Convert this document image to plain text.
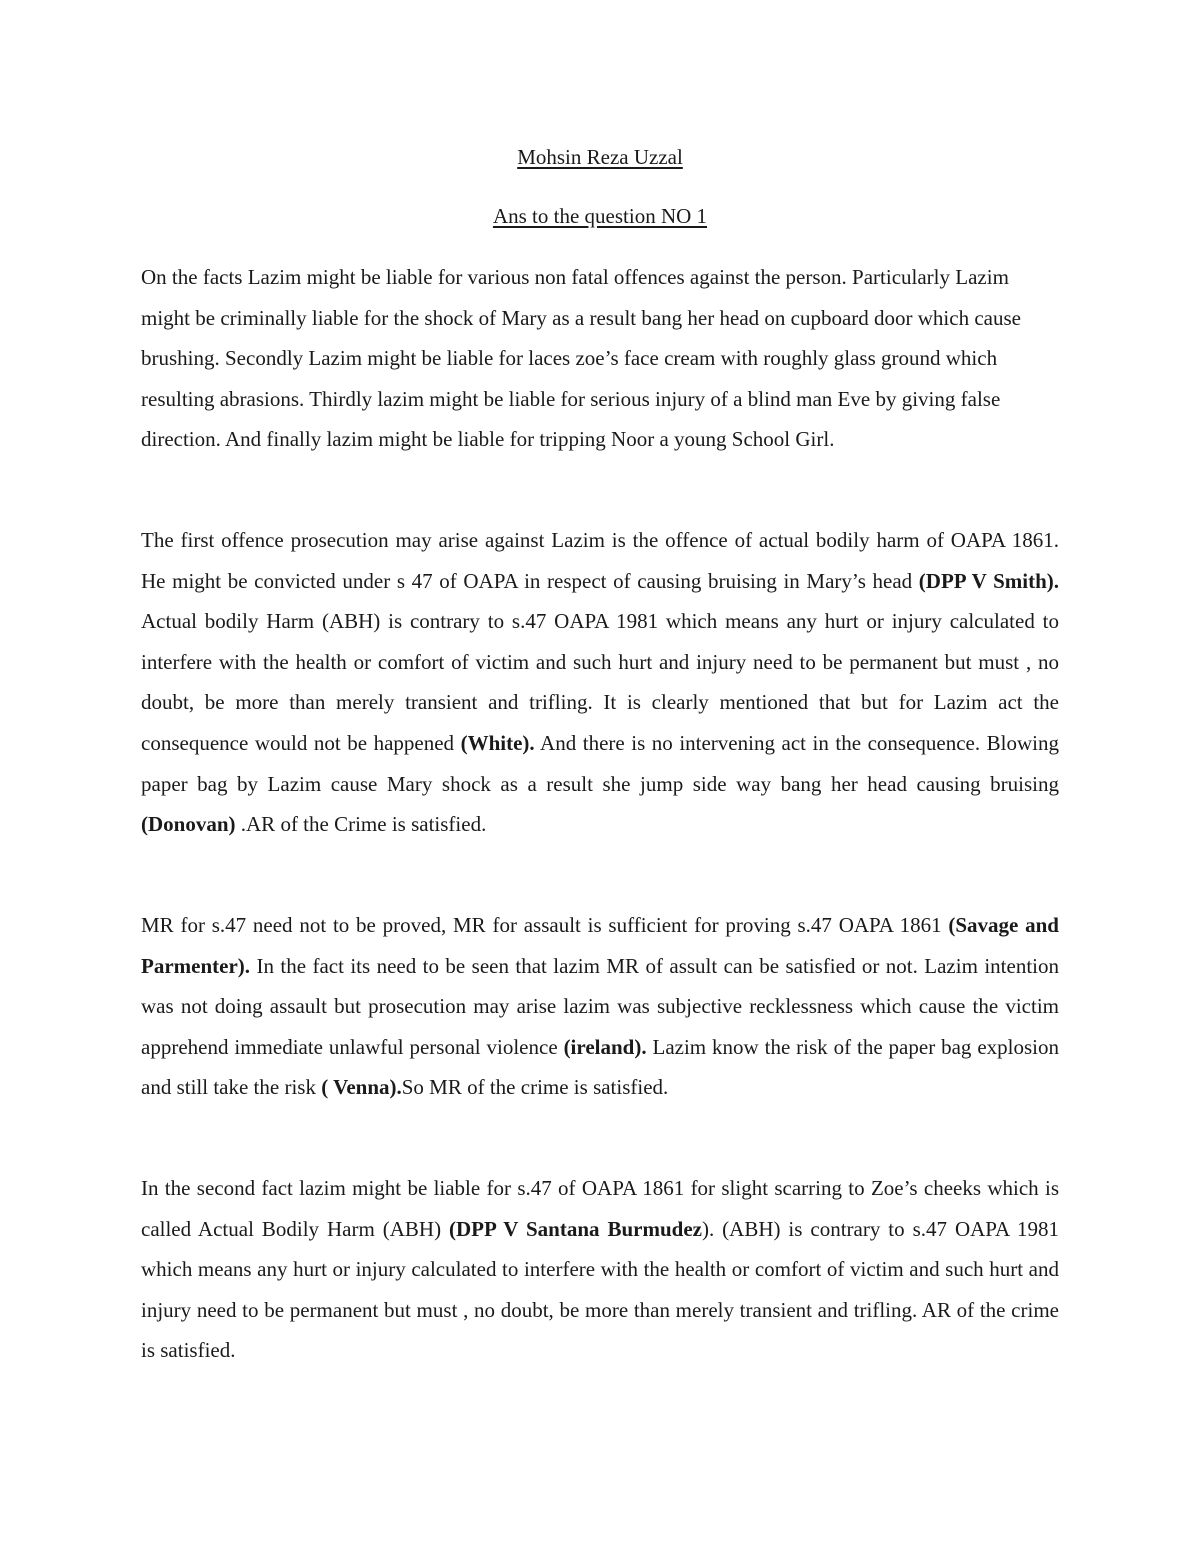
Mohsin Reza Uzzal
Ans to the question NO 1

On the facts Lazim might be liable for various non fatal offences against the person. Particularly Lazim might be criminally liable for the shock of Mary as a result bang her head on cupboard door which cause brushing. Secondly Lazim might be liable for laces zoe’s face cream with roughly glass ground which resulting abrasions. Thirdly lazim might be liable for serious injury of a blind man Eve by giving false direction. And finally lazim might be liable for tripping Noor a young School Girl.

The first offence prosecution may arise against Lazim is the offence of actual bodily harm of OAPA 1861. He might be convicted under s 47 of OAPA in respect of causing bruising in Mary’s head (DPP V Smith). Actual bodily Harm (ABH) is contrary to s.47 OAPA 1981 which means any hurt or injury calculated to interfere with the health or comfort of victim and such hurt and injury need to be permanent but must , no doubt, be more than merely transient and trifling. It is clearly mentioned that but for Lazim act the consequence would not be happened (White). And there is no intervening act in the consequence. Blowing paper bag by Lazim cause Mary shock as a result she jump side way bang her head causing bruising (Donovan) .AR of the Crime is satisfied.

MR for s.47 need not to be proved, MR for assault is sufficient for proving s.47 OAPA 1861 (Savage and Parmenter). In the fact its need to be seen that lazim MR of assult can be satisfied or not. Lazim intention was not doing assault but prosecution may arise lazim was subjective recklessness which cause the victim apprehend immediate unlawful personal violence (ireland). Lazim know the risk of the paper bag explosion and still take the risk ( Venna).So MR of the crime is satisfied.

In the second fact lazim might be liable for s.47 of OAPA 1861 for slight scarring to Zoe’s cheeks which is called Actual Bodily Harm (ABH) (DPP V Santana Burmudez). (ABH) is contrary to s.47 OAPA 1981 which means any hurt or injury calculated to interfere with the health or comfort of victim and such hurt and injury need to be permanent but must , no doubt, be more than merely transient and trifling. AR of the crime is satisfied.
